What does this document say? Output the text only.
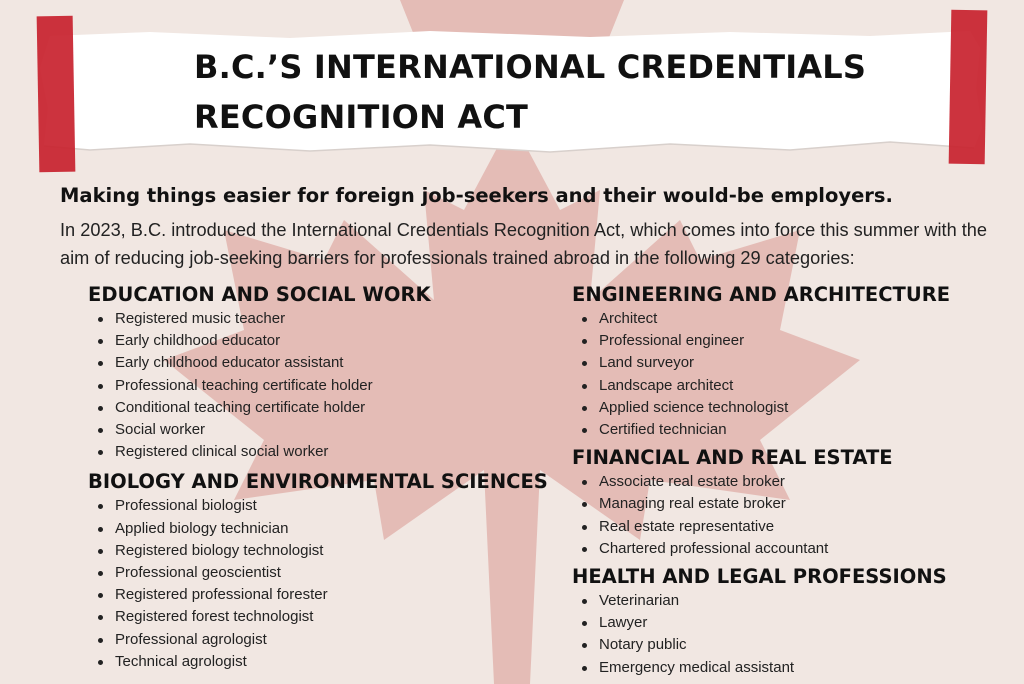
B.C.’S INTERNATIONAL CREDENTIALS
RECOGNITION ACT

Making things easier for foreign job-seekers and their would-be employers.

In 2023, B.C. introduced the International Credentials Recognition Act, which comes into force this summer with the aim of reducing job-seeking barriers for professionals trained abroad in the following 29 categories:

EDUCATION AND SOCIAL WORK
Registered music teacher
Early childhood educator
Early childhood educator assistant
Professional teaching certificate holder
Conditional teaching certificate holder
Social worker
Registered clinical social worker
BIOLOGY AND ENVIRONMENTAL SCIENCES
Professional biologist
Applied biology technician
Registered biology technologist
Professional geoscientist
Registered professional forester
Registered forest technologist
Professional agrologist
Technical agrologist
ENGINEERING AND ARCHITECTURE
Architect
Professional engineer
Land surveyor
Landscape architect
Applied science technologist
Certified technician
FINANCIAL AND REAL ESTATE
Associate real estate broker
Managing real estate broker
Real estate representative
Chartered professional accountant
HEALTH AND LEGAL PROFESSIONS
Veterinarian
Lawyer
Notary public
Emergency medical assistant
